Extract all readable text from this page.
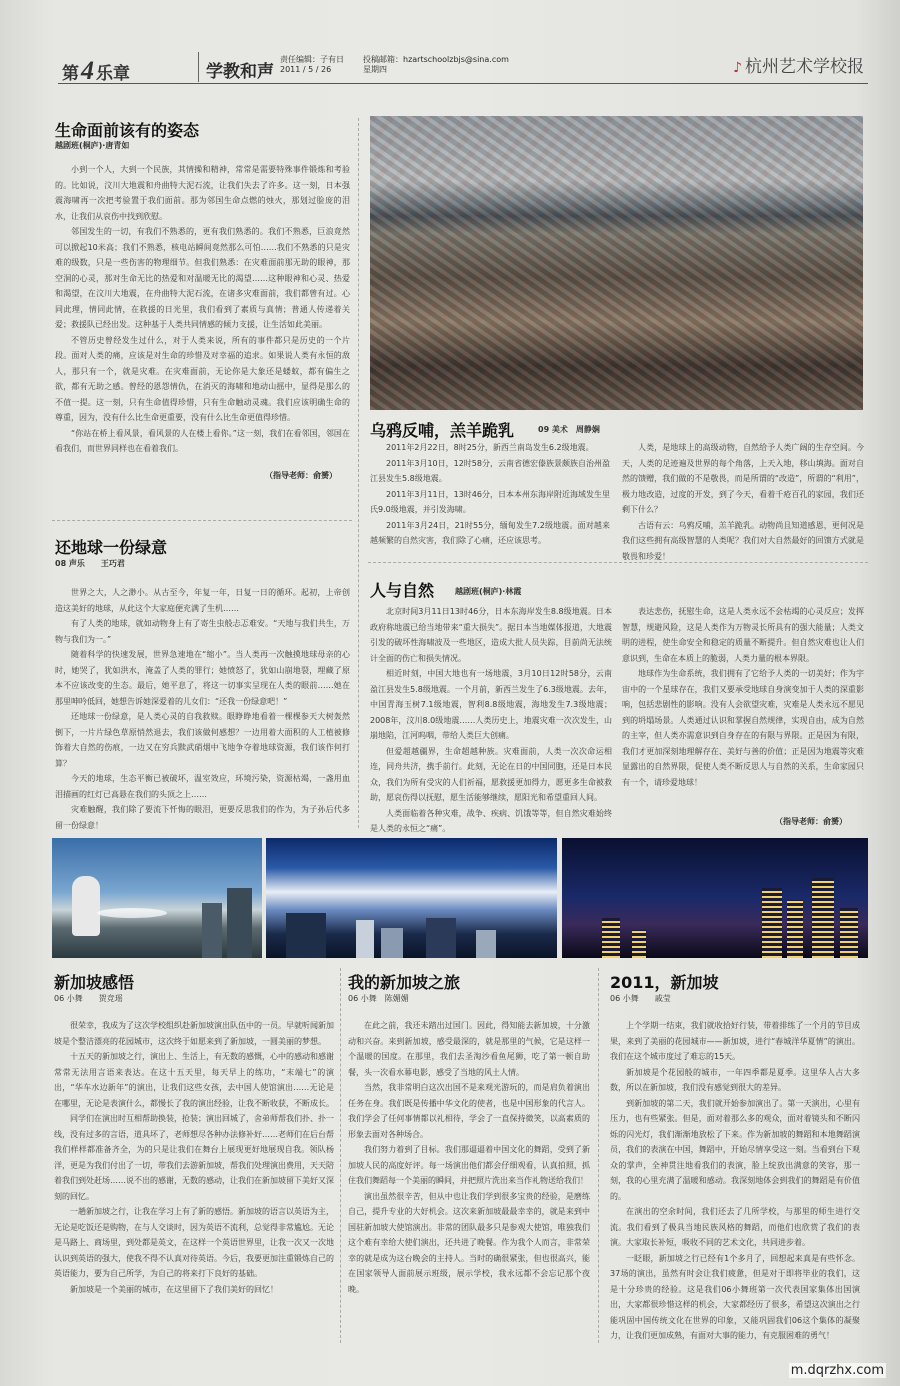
第4 乐章	学教和声
责任编辑：子有日
2011 / 5 / 26
投稿邮箱：hzartschoolzbjs@sina.com
星期四	♪ 杭州艺术学校报
生命面前该有的姿态
越剧班(桐庐)·唐青如

小到一个人，大到一个民族，其情操和精神，常常是需要特殊事件锻炼和考验的。比如说，汶川大地震和舟曲特大泥石流，让我们失去了许多。这一刻，日本强震海啸再一次把考验置于我们面前。那为邻国生命点燃的烛火，那划过脸庞的泪水，让我们从哀伤中找到欣慰。

邻国发生的一切，有我们不熟悉的，更有我们熟悉的。我们不熟悉，巨浪竟然可以掀起10米高；我们不熟悉，核电站瞬间竟然那么可怕……我们不熟悉的只是灾难的级数，只是一些伤害的物理细节。但我们熟悉：在灾难面前那无助的眼神，那空洞的心灵，那对生命无比的热爱和对温暖无比的渴望……这种眼神和心灵、热爱和渴望，在汶川大地震，在舟曲特大泥石流，在诸多灾难面前，我们都曾有过。心同此理，情同此情，在救援的日光里，我们看到了素质与真情；普通人传递着关爱；救援队已经出发。这种基于人类共同情感的倾力支援，让生活如此美丽。

不管历史曾经发生过什么，对于人类来说，所有的事件都只是历史的一个片段。面对人类的痛，应该是对生命的珍惜及对幸福的追求。如果说人类有永恒的敌人，那只有一个，就是灾难。在灾难面前，无论你是大象还是蝼蚁，都有偏生之欲，都有无助之感。曾经的恩怨情仇，在消灭的海啸和地动山摇中，显得是那么的不值一提。这一刻，只有生命值得珍惜，只有生命触动灵魂。我们应该明确生命的尊重，因为，没有什么比生命更重要，没有什么比生命更值得珍惜。

“你站在桥上看风景，看风景的人在楼上看你。”这一刻，我们在看邻国，邻国在看我们，而世界同样也在看着我们。

（指导老师：俞赟）
还地球一份绿意
08 声乐　　王巧君

世界之大，人之渺小。从古至今，年复一年，日复一日的循环。起初，上帝创造这美好的地球，从此这个大家庭便充满了生机……

有了人类的地球，就如动物身上有了寄生虫般忐忑难安。“天地与我们共生，万物与我们为一。”

随着科学的快速发展，世界急速地在“缩小”。当人类再一次触摸地球母亲的心时，她哭了，犹如洪水，淹盖了人类的罪行；她愤怒了，犹如山崩地裂，埋藏了原本不应该改变的生态。最后，她平息了，将这一切事实呈现在人类的眼前……她在那里呻吟低回，她想告诉她深爱着的儿女们：“还我一份绿意吧！”

还地球一份绿意，是人类心灵的自我救赎。眼睁睁地看着一棵棵参天大树轰然倒下，一片片绿色草原悄然退去，我们该做何感想？一边用着大面积的人工植被修饰着大自然的伤痕，一边又在穷兵黩武硝烟中飞地争夺着地球资源，我们该作何打算？

今天的地球，生态平衡已被破坏，温室效应，环境污染，资源枯竭，一盏用血泪描画的红灯已高悬在我们的头顶之上……

灾难触醒，我们除了要流下忏悔的眼泪，更要反思我们的作为，为子孙后代多留一份绿意！

乌鸦反哺，羔羊跪乳	09 美术　周静娴

2011年2月22日，8时25分，新西兰南岛发生6.2级地震。

2011年3月10日，12时58分，云南省德宏傣族景颇族自治州盈江县发生5.8级地震。

2011年3月11日，13时46分，日本本州东海岸附近海域发生里氏9.0级地震，并引发海啸。

2011年3月24日，21时55分，缅甸发生7.2级地震。面对越来越频繁的自然灾害，我们除了心痛，还应该思考。

人类，是地球上的高级动物，自然给予人类广阔的生存空间。今天，人类的足迹遍及世界的每个角落，上天入地，移山填海。面对自然的馈赠，我们做的不是敬畏，而是所谓的“改造”，所谓的“利用”，极力地改造，过度的开发，到了今天，看着千疮百孔的家园，我们还剩下什么？

古语有云：乌鸦反哺，羔羊跪乳。动物尚且知道感恩，更何况是我们这些拥有高级智慧的人类呢？我们对大自然最好的回馈方式就是敬畏和珍爱！

人与自然	越剧班(桐庐)·林霞

北京时间3月11日13时46分，日本东海岸发生8.8级地震。日本政府称地震已给当地带来“重大损失”。据日本当地媒体报道，大地震引发的破坏性海啸波及一些地区，造成大批人员失踪，目前尚无法统计全面的伤亡和损失情况。

相近时刻，中国大地也有一场地震，3月10日12时58分，云南盈江县发生5.8级地震。一个月前，新西兰发生了6.3级地震。去年，中国青海玉树7.1级地震，智利8.8级地震，海地发生7.3级地震；2008年，汶川8.0级地震……人类历史上，地震灾难一次次发生，山崩地陷，江河呜咽，带给人类巨大创痛。

但爱超越疆界，生命超越种族。灾难面前，人类一次次命运相连，同舟共济，携手前行。此刻，无论在日的中国同胞，还是日本民众，我们为所有受灾的人们祈福，愿救援更加得力，愿更多生命被救助，愿哀伤得以抚慰，愿生活能够继续，愿阳光和希望重回人间。

人类面临着各种灾难，战争、疾病、饥饿等等，但自然灾难始终是人类的永恒之“痛”。

表达悲伤，抚慰生命，这是人类永远不会枯竭的心灵反应；发挥智慧，规避风险，这是人类作为万物灵长所具有的强大能量；人类文明的进程，使生命安全和稳定的质量不断提升。但自然灾难也让人们意识到，生命在本质上的脆弱，人类力量的根本界限。

地球作为生命系统，我们拥有了它给予人类的一切美好；作为宇宙中的一个星球存在，我们又要承受地球自身演变加于人类的深重影响，包括悲剧性的影响。没有人会欲望灾难，灾难是人类永远不愿见到的坍塌场景。人类通过认识和掌握自然规律，实现自由，成为自然的主宰，但人类亦需意识到自身存在的有限与界限。正是因为有限，我们才更加深刻地理解存在、美好与善的价值；正是因为地震等灾难显露出的自然界限，促使人类不断反思人与自然的关系，生命家园只有一个，请珍爱地球！

（指导老师：俞赟）
新加坡感悟
06 小舞　　贺竞瑶

很荣幸，我成为了这次学校组织赴新加坡演出队伍中的一员。早就听闻新加坡是个整洁漂亮的花园城市，这次终于如愿来到了新加坡，一圆美丽的梦想。

十五天的新加坡之行，演出上、生活上，有无数的感慨，心中的感动和感谢常常无法用言语来表达。在这十五天里，每天早上的练功，“末端七”的演出，“华车水边新年”的演出，让我们这些女孩，去中国人使馆演出……无论是在哪里，无论是表演什么，都慢长了我的演出经验，让我不断收获，不断成长。

同学们在演出时互相帮助换装，抢装；演出回城了，舍弟师帮我们扑、扑一线，没有过多的言语，道具坏了，老师想尽各种办法修补好……老师们在后台帮我们样样都准备齐全，为的只是让我们在舞台上展现更好地展现自我。领队杨洋，更是为我们付出了一切，带我们去游新加坡，帮我们处理演出费用，天天陪着我们到处赶场……说不出的感谢，无数的感动，让我们在新加坡留下美好又深刻的回忆。

一趟新加坡之行，让我在学习上有了新的感悟。新加坡的语言以英语为主，无论是吃饭还是购物，在与人交谈时，因为英语不流利，总觉得非常尴尬。无论是马路上、商场里，到处都是英文，在这样一个英语世界里，让我一次又一次地认识到英语的强大，使我不得不认真对待英语。今后，我要更加注重锻炼自己的英语能力，要为自己所学，为自己的将来打下良好的基础。

新加坡是一个美丽的城市，在这里留下了我们美好的回忆！

我的新加坡之旅
06 小舞　陈媚媚

在此之前，我还未踏出过国门。因此，得知能去新加坡，十分激动和兴奋。来到新加坡，感受最深的，就是那里的气候，它是这样一个温暖的国度。在那里，我们去圣淘沙看鱼尾狮，吃了第一顿自助餐，头一次看水幕电影，感受了当地的风土人情。

当然，我非常明白这次出国不是来观光游玩的，而是肩负着演出任务在身。我们既是传播中华文化的使者，也是中国形象的代言人。我们学会了任何事情都以礼相待，学会了一直保持微笑，以高素质的形象去面对各种场合。

我们努力着到了目标。我们那逼逼着中国文化的舞蹈，受到了新加坡人民的高度好评。每一场演出他们都会仔细观看，认真拍照，抓住我们舞蹈每一个美丽的瞬间，并把照片洗出来当作礼物送给我们！

演出虽然很辛苦，但从中也让我们学到很多宝贵的经验，是磨练自己，提升专业的大好机会。这次来新加坡最最幸幸的，就是来到中国驻新加坡大使馆演出。非常的团队最多只是参观大使馆，唯独我们这个难有幸给大使们演出，还共进了晚餐。作为我个人而言，非常荣幸的就是成为这台晚会的主持人。当时的确很紧张，但也很高兴，能在国家领导人面前展示班级，展示学校，我永远都不会忘记那个夜晚。

2011，新加坡
06 小舞　　戚莹

上个学期一结束，我们就收拾好行装，带着排练了一个月的节目成果，来到了美丽的花园城市——新加坡，进行“春城洋华夏情”的演出。我们在这个城市度过了难忘的15天。

新加坡是个花园般的城市，一年四季都是夏季。这里华人占大多数，所以在新加坡，我们没有感觉到很大的差异。

到新加坡的第二天，我们就开始参加演出了。第一天演出，心里有压力，也有些紧张。但是，面对着那么多的观众，面对着镜头和不断闪烁的闪光灯，我们渐渐地放松了下来。作为新加坡的舞蹈和本地舞蹈演员，我们的表演在中国，舞蹈中，开始尽情享受这一刻。当看到台下观众的掌声，全神贯注地看我们的表演，脸上绽放出满意的笑容，那一刻，我的心里充满了温暖和感动。我深刻地体会到我们的舞蹈是有价值的。

在演出的空余时间，我们还去了几所学校，与那里的师生进行交流。我们看到了极具当地民族风格的舞蹈，而他们也欣赏了我们的表演。大家取长补短，吸收不同的艺术文化，共同进步着。

一眨眼，新加坡之行已经有1个多月了，回想起来真是有些怀念。37场的演出，虽然有时会让我们疲惫，但是对于即将毕业的我们，这是十分珍贵的经验。这是我们06小舞班第一次代表国家集体出国演出，大家都很珍惜这样的机会，大家都经历了很多，希望这次演出之行能巩固中国传统文化在世界的印象，又能巩固我们06这个集体的凝聚力，让我们更加成熟，有面对大事的能力，有克服困难的勇气！

m.dqrzhx.com
